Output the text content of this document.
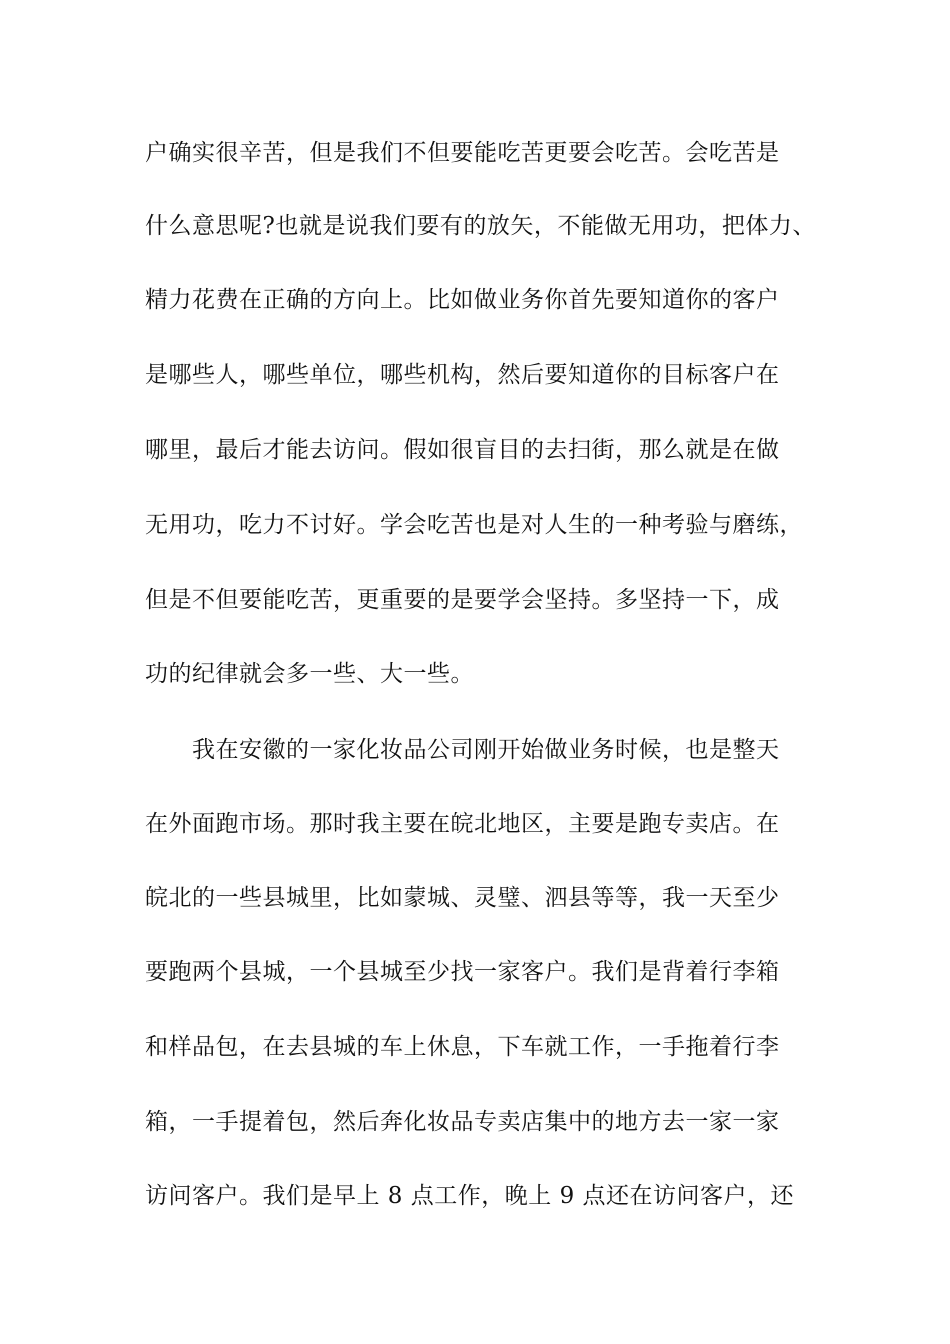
户确实很辛苦，但是我们不但要能吃苦更要会吃苦。会吃苦是
什么意思呢?也就是说我们要有的放矢，不能做无用功，把体力、
精力花费在正确的方向上。比如做业务你首先要知道你的客户
是哪些人，哪些单位，哪些机构，然后要知道你的目标客户在
哪里，最后才能去访问。假如很盲目的去扫街，那么就是在做
无用功，吃力不讨好。学会吃苦也是对人生的一种考验与磨练，
但是不但要能吃苦，更重要的是要学会坚持。多坚持一下，成
功的纪律就会多一些、大一些。
我在安徽的一家化妆品公司刚开始做业务时候，也是整天
在外面跑市场。那时我主要在皖北地区，主要是跑专卖店。在
皖北的一些县城里，比如蒙城、灵璧、泗县等等，我一天至少
要跑两个县城，一个县城至少找一家客户。我们是背着行李箱
和样品包，在去县城的车上休息，下车就工作，一手拖着行李
箱，一手提着包，然后奔化妆品专卖店集中的地方去一家一家
访问客户。我们是早上 8 点工作，晚上 9 点还在访问客户，还
